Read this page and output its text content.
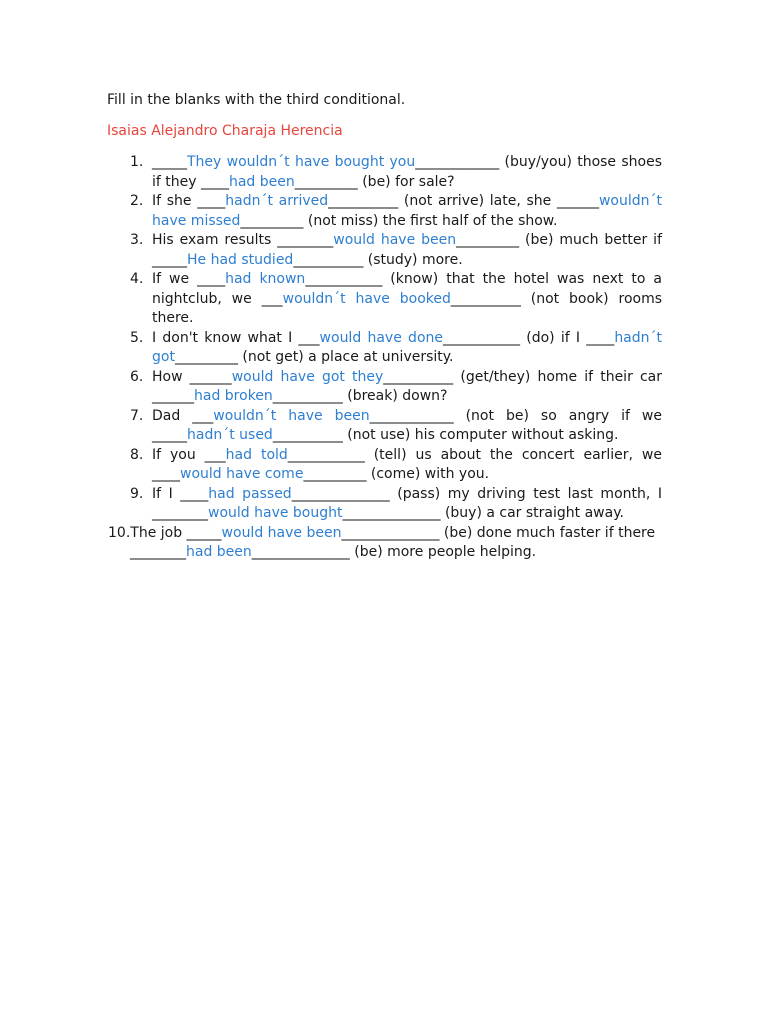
Fill in the blanks with the third conditional.

Isaias Alejandro Charaja Herencia

1. _____They wouldn´t have bought you____________ (buy/you) those shoes if they ____had been_________ (be) for sale?
2. If she ____hadn´t arrived__________ (not arrive) late, she ______wouldn´t have missed_________ (not miss) the first half of the show.
3. His exam results ________would have been_________ (be) much better if _____He had studied__________ (study) more.
4. If we ____had known___________ (know) that the hotel was next to a nightclub, we ___wouldn´t have booked__________ (not book) rooms there.
5. I don't know what I ___would have done___________ (do) if I ____hadn´t got_________ (not get) a place at university.
6. How ______would have got they__________ (get/they) home if their car ______had broken__________ (break) down?
7. Dad ___wouldn´t have been____________ (not be) so angry if we _____hadn´t used__________ (not use) his computer without asking.
8. If you ___had told___________ (tell) us about the concert earlier, we ____would have come_________ (come) with you.
9. If I ____had passed______________ (pass) my driving test last month, I ________would have bought______________ (buy) a car straight away.
10.The job _____would have been______________ (be) done much faster if there
________had been______________ (be) more people helping.
